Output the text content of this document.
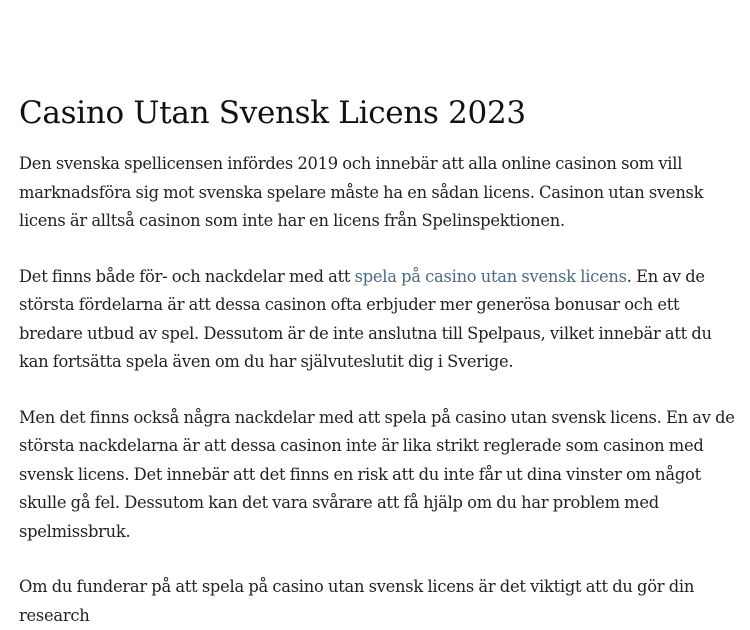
Casino Utan Svensk Licens 2023

Den svenska spellicensen infördes 2019 och innebär att alla online casinon som vill marknadsföra sig mot svenska spelare måste ha en sådan licens. Casinon utan svensk licens är alltså casinon som inte har en licens från Spelinspektionen.

Det finns både för- och nackdelar med att spela på casino utan svensk licens. En av de största fördelarna är att dessa casinon ofta erbjuder mer generösa bonusar och ett bredare utbud av spel. Dessutom är de inte anslutna till Spelpaus, vilket innebär att du kan fortsätta spela även om du har självuteslutit dig i Sverige.

Men det finns också några nackdelar med att spela på casino utan svensk licens. En av de största nackdelarna är att dessa casinon inte är lika strikt reglerade som casinon med svensk licens. Det innebär att det finns en risk att du inte får ut dina vinster om något skulle gå fel. Dessutom kan det vara svårare att få hjälp om du har problem med spelmissbruk.

Om du funderar på att spela på casino utan svensk licens är det viktigt att du gör din research
